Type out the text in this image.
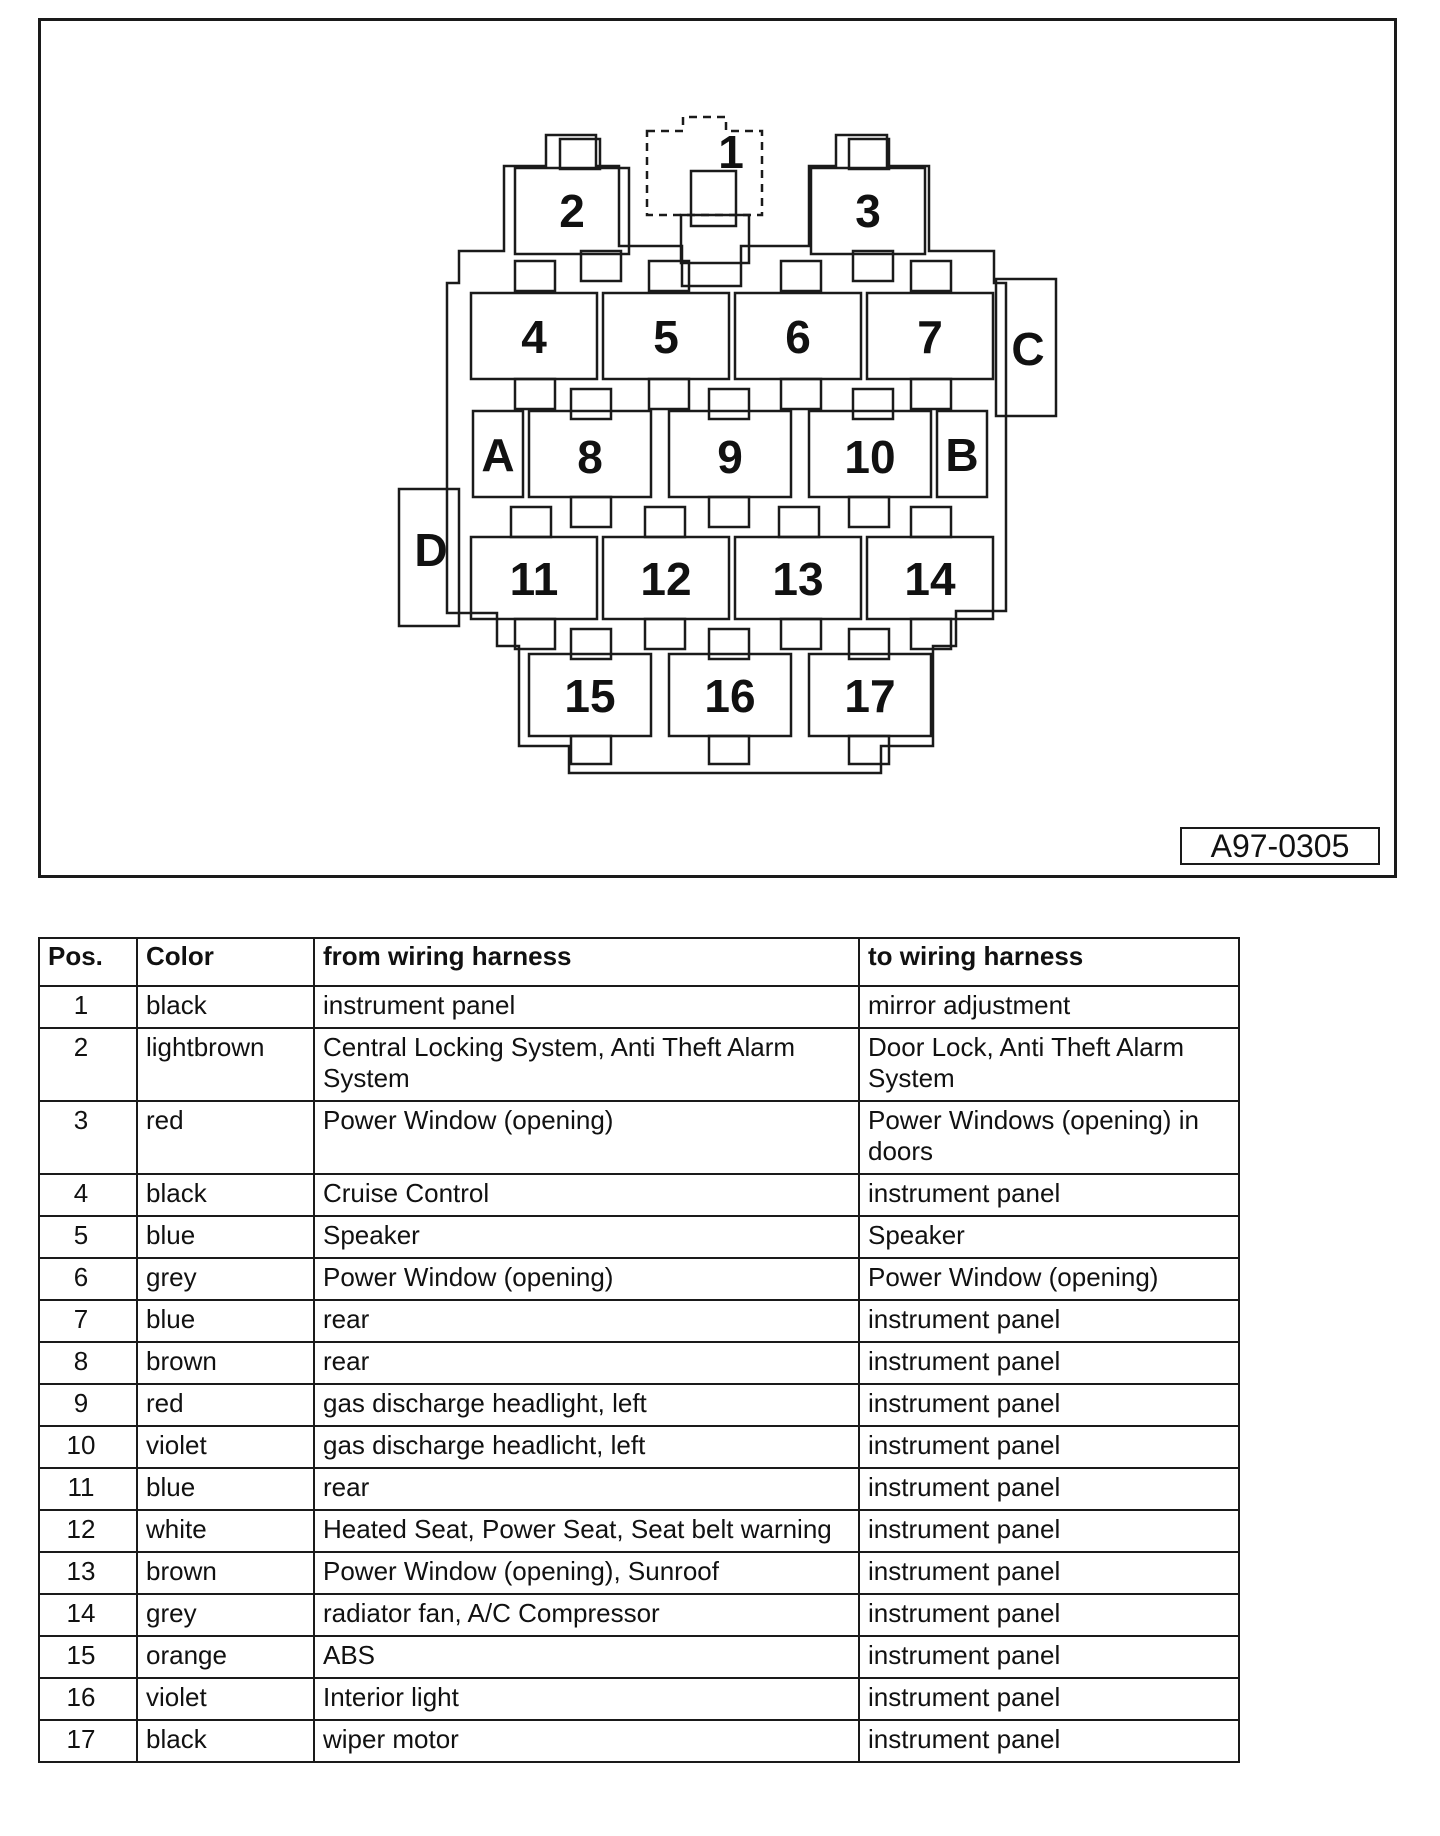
1
2	3
4 5 6 7
8 9 10
11 12 13 14
15 16 17
A	B
C
D
A97-0305
Pos.	Color	from wiring harness	to wiring harness
1	black	instrument panel	mirror adjustment
2	lightbrown	Central Locking System, Anti Theft Alarm System	Door Lock, Anti Theft Alarm System
3	red	Power Window (opening)	Power Windows (opening) in doors
4	black	Cruise Control	instrument panel
5	blue	Speaker	Speaker
6	grey	Power Window (opening)	Power Window (opening)
7	blue	rear	instrument panel
8	brown	rear	instrument panel
9	red	gas discharge headlight, left	instrument panel
10	violet	gas discharge headlicht, left	instrument panel
11	blue	rear	instrument panel
12	white	Heated Seat, Power Seat, Seat belt warning	instrument panel
13	brown	Power Window (opening), Sunroof	instrument panel
14	grey	radiator fan, A/C Compressor	instrument panel
15	orange	ABS	instrument panel
16	violet	Interior light	instrument panel
17	black	wiper motor	instrument panel
